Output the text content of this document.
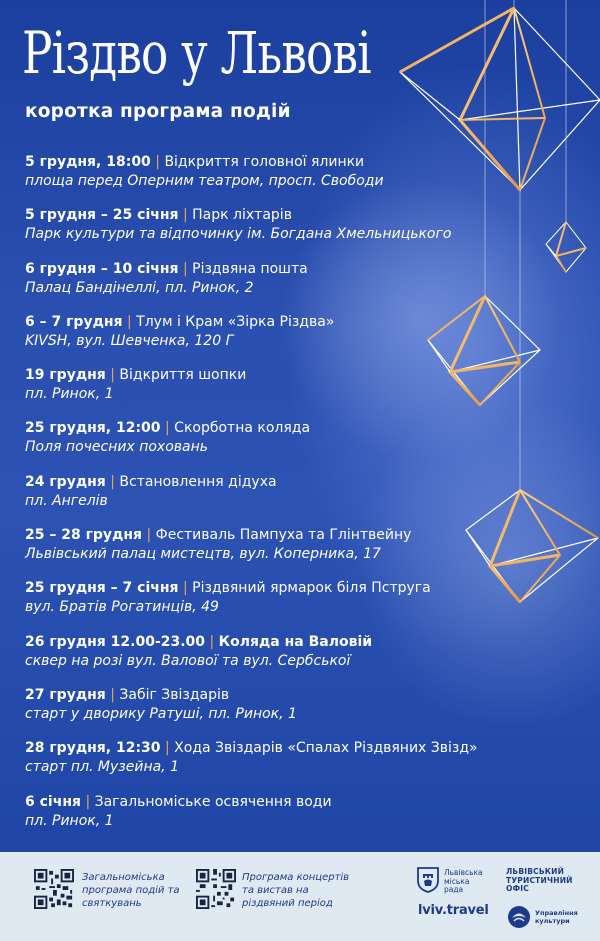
Різдво у Львові
коротка програма подій
5 грудня, 18:00 | Відкриття головної ялинки
площа перед Оперним театром, просп. Свободи
5 грудня – 25 січня | Парк ліхтарів
Парк культури та відпочинку ім. Богдана Хмельницького
6 грудня – 10 січня | Різдвяна пошта
Палац Бандінеллі, пл. Ринок, 2
6 – 7 грудня | Тлум і Крам «Зірка Різдва»
KIVSH, вул. Шевченка, 120 Г
19 грудня | Відкриття шопки
пл. Ринок, 1
25 грудня, 12:00 | Скорботна коляда
Поля почесних поховань
24 грудня | Встановлення дідуха
пл. Ангелів
25 – 28 грудня | Фестиваль Пампуха та Глінтвейну
Львівський палац мистецтв, вул. Коперника, 17
25 грудня – 7 січня | Різдвяний ярмарок біля Пструга
вул. Братів Рогатинців, 49
26 грудня 12.00-23.00 | Коляда на Валовій
сквер на розі вул. Валової та вул. Сербської
27 грудня | Забіг Звіздарів
старт у дворику Ратуші, пл. Ринок, 1
28 грудня, 12:30 | Хода Звіздарів «Спалах Різдвяних Звізд»
старт пл. Музейна, 1
6 січня | Загальноміське освячення води
пл. Ринок, 1
Загальноміська програма подій та святкувань
Програма концертів та вистав на різдвяний період
Львівська міська рада
lviv.travel
ЛЬВІВСЬКИЙ ТУРИСТИЧНИЙ ОФІС
Управління культури
